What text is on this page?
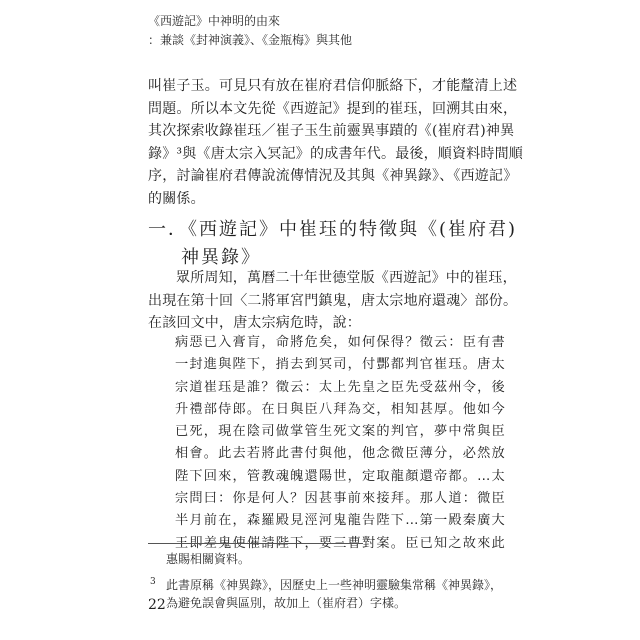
《西遊記》中神明的由來
：兼談《封神演義》、《金瓶梅》與其他
叫崔子玉。可見只有放在崔府君信仰脈絡下，才能釐清上述
問題。所以本文先從《西遊記》提到的崔珏，回溯其由來，
其次探索收錄崔珏／崔子玉生前靈異事蹟的《(崔府君)神異
錄》³與《唐太宗入冥記》的成書年代。最後，順資料時間順
序，討論崔府君傳說流傳情況及其與《神異錄》、《西遊記》
的關係。
一．《西遊記》中崔珏的特徵與《(崔府君)
神異錄》
眾所周知，萬曆二十年世德堂版《西遊記》中的崔珏，
出現在第十回〈二將軍宮門鎮鬼，唐太宗地府還魂〉部份。
在該回文中，唐太宗病危時，說：
病惡已入膏肓，命將危矣，如何保得？徵云：臣有書
一封進與陛下，捎去到冥司，付酆都判官崔珏。唐太
宗道崔珏是誰？徵云：太上先皇之臣先受茲州令，後
升禮部侍郎。在日與臣八拜為交，相知甚厚。他如今
已死，現在陰司做掌管生死文案的判官，夢中常與臣
相會。此去若將此書付與他，他念微臣薄分，必然放
陛下回來，管教魂魄還陽世，定取龍顏還帝都。…太
宗問曰：你是何人？因甚事前來接拜。那人道：微臣
半月前在，森羅殿見涇河鬼龍告陛下…第一殿秦廣大
王即差鬼使催請陛下，要三曹對案。臣已知之故來此
惠賜相關資料。
3 此書原稱《神異錄》，因歷史上一些神明靈驗集常稱《神異錄》，
為避免誤會與區別，故加上（崔府君）字樣。
22
